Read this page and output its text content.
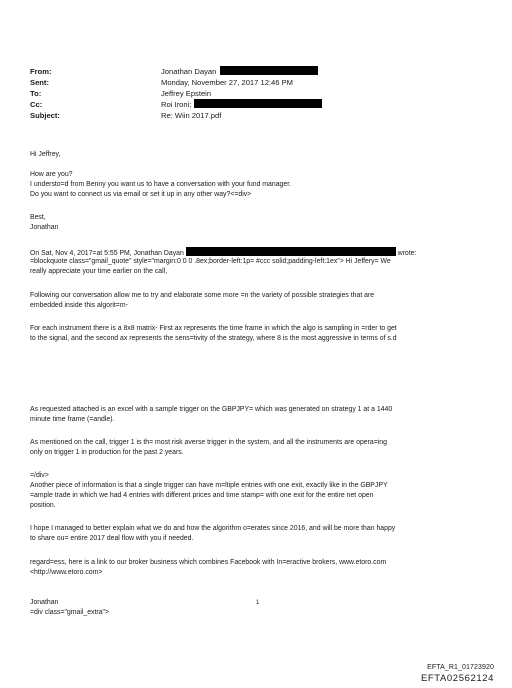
From:	Jonathan Dayan
Sent:	Monday, November 27, 2017 12:46 PM
To:	Jeffrey Epstein
Cc:	Roi Ironi;
Subject:	Re: Wiin 2017.pdf
Hi Jeffrey,
How are you?
I understo=d from Benny you want us to have a conversation with your fund manager.
Do you want to connect us via email or set it up in any other way?<=div>
Best,
Jonathan
On Sat, Nov 4, 2017=at 5:55 PM, Jonathan Dayan	wrote:
=blockquote class="gmail_quote" style="margin:0 0 0 .8ex;border-left:1p= #ccc solid;padding-left:1ex"> Hi Jeffery= We
really appreciate your time earlier on the call,
Following our conversation allow me to try and elaborate some more =n the variety of possible strategies that are
embedded inside this algorit=m-
For each instrument there is a 8x8 matrix- First ax represents the time frame in which the algo is sampling in =rder to get
to the signal, and the second ax represents the sens=tivity of the strategy, where 8 is the most aggressive in terms of s.d
As requested attached is an excel with a sample trigger on the GBPJPY= which was generated on strategy 1 at a 1440
minute time frame (=andle).
As mentioned on the call, trigger 1 is th= most risk averse trigger in the system, and all the instruments are opera=ing
only on trigger 1 in production for the past 2 years.
=/div>
Another piece of information is that a single trigger can have m=ltiple entries with one exit, exactly like in the GBPJPY
=ample trade in which we had 4 entries with different prices and time stamp= with one exit for the entire net open
position.
I hope I managed to better explain what we do and how the algorithm o=erates since 2016, and will be more than happy
to share ou= entire 2017 deal flow with you if needed.
regard=ess, here is a link to our broker business which combines Facebook with In=eractive brokers, www.etoro.com
<http://www.etoro.com>
Jonathan
=div class="gmail_extra">
1
EFTA_R1_01723920
EFTA02562124
